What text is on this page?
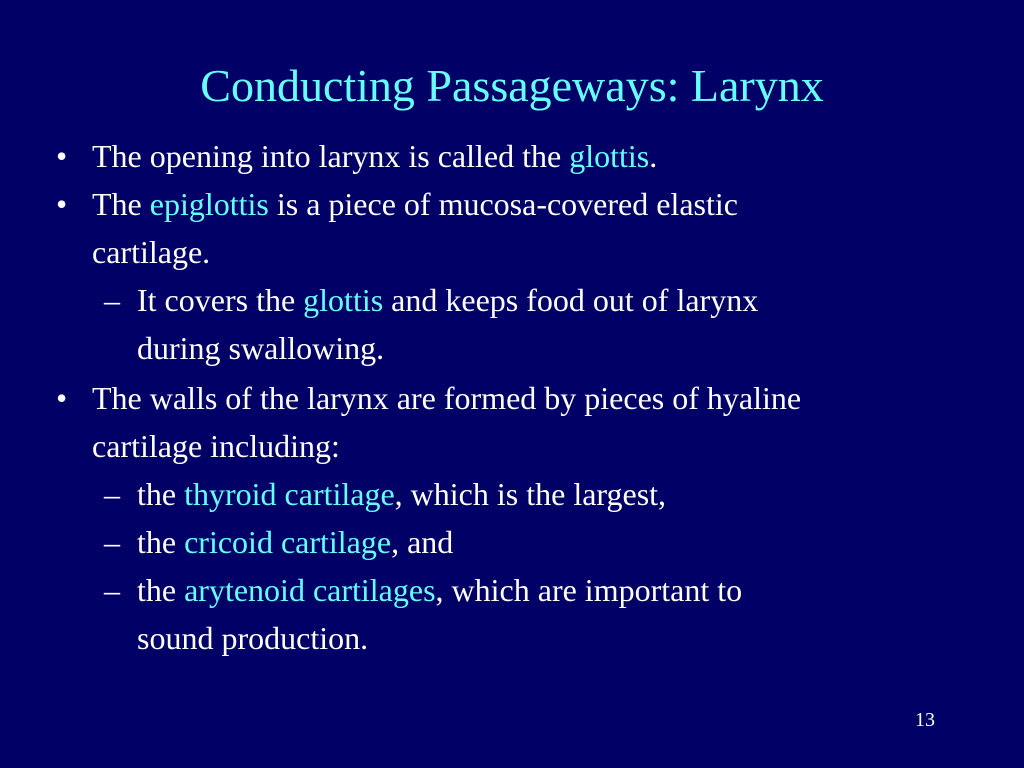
Conducting Passageways: Larynx
• The opening into larynx is called the glottis.
• The epiglottis is a piece of mucosa-covered elastic
cartilage.
– It covers the glottis and keeps food out of larynx
during swallowing.
• The walls of the larynx are formed by pieces of hyaline
cartilage including:
– the thyroid cartilage, which is the largest,
– the cricoid cartilage, and
– the arytenoid cartilages, which are important to
sound production.
13
